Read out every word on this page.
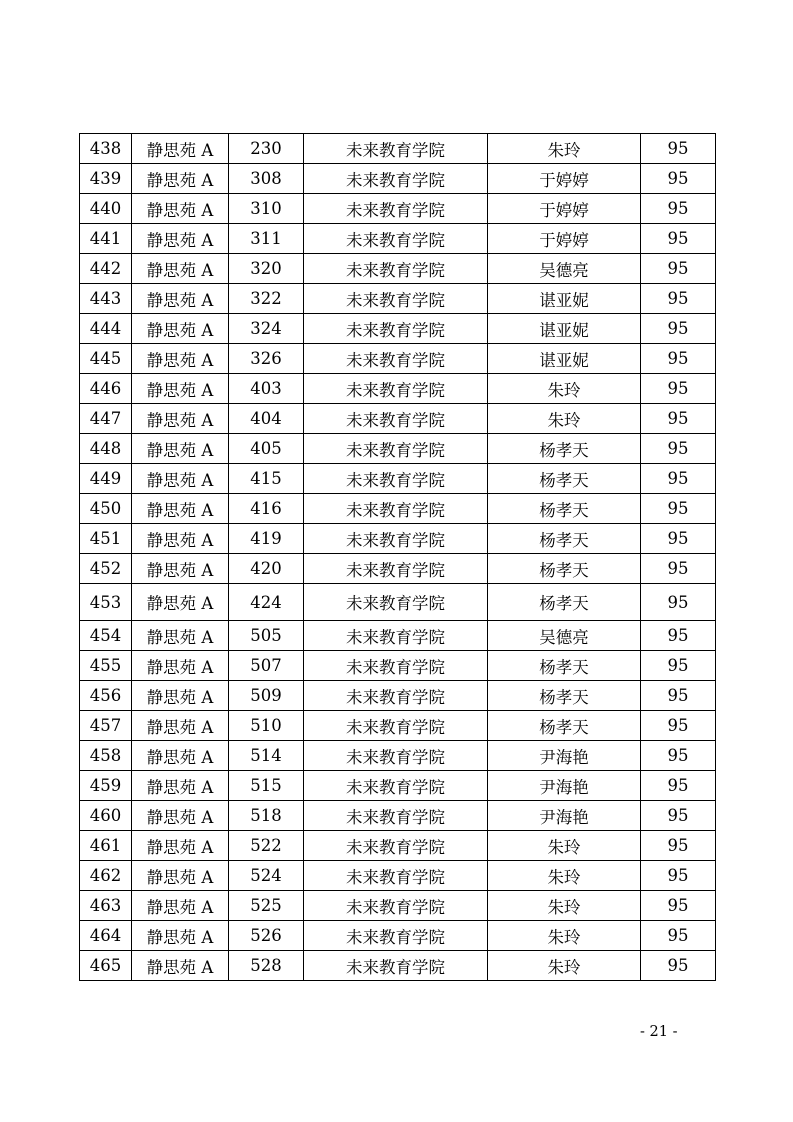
438	静思苑 A	230	未来教育学院	朱玲	95
439	静思苑 A	308	未来教育学院	于婷婷	95
440	静思苑 A	310	未来教育学院	于婷婷	95
441	静思苑 A	311	未来教育学院	于婷婷	95
442	静思苑 A	320	未来教育学院	吴德亮	95
443	静思苑 A	322	未来教育学院	谌亚妮	95
444	静思苑 A	324	未来教育学院	谌亚妮	95
445	静思苑 A	326	未来教育学院	谌亚妮	95
446	静思苑 A	403	未来教育学院	朱玲	95
447	静思苑 A	404	未来教育学院	朱玲	95
448	静思苑 A	405	未来教育学院	杨孝天	95
449	静思苑 A	415	未来教育学院	杨孝天	95
450	静思苑 A	416	未来教育学院	杨孝天	95
451	静思苑 A	419	未来教育学院	杨孝天	95
452	静思苑 A	420	未来教育学院	杨孝天	95
453	静思苑 A	424	未来教育学院	杨孝天	95
454	静思苑 A	505	未来教育学院	吴德亮	95
455	静思苑 A	507	未来教育学院	杨孝天	95
456	静思苑 A	509	未来教育学院	杨孝天	95
457	静思苑 A	510	未来教育学院	杨孝天	95
458	静思苑 A	514	未来教育学院	尹海艳	95
459	静思苑 A	515	未来教育学院	尹海艳	95
460	静思苑 A	518	未来教育学院	尹海艳	95
461	静思苑 A	522	未来教育学院	朱玲	95
462	静思苑 A	524	未来教育学院	朱玲	95
463	静思苑 A	525	未来教育学院	朱玲	95
464	静思苑 A	526	未来教育学院	朱玲	95
465	静思苑 A	528	未来教育学院	朱玲	95
- 21 -
